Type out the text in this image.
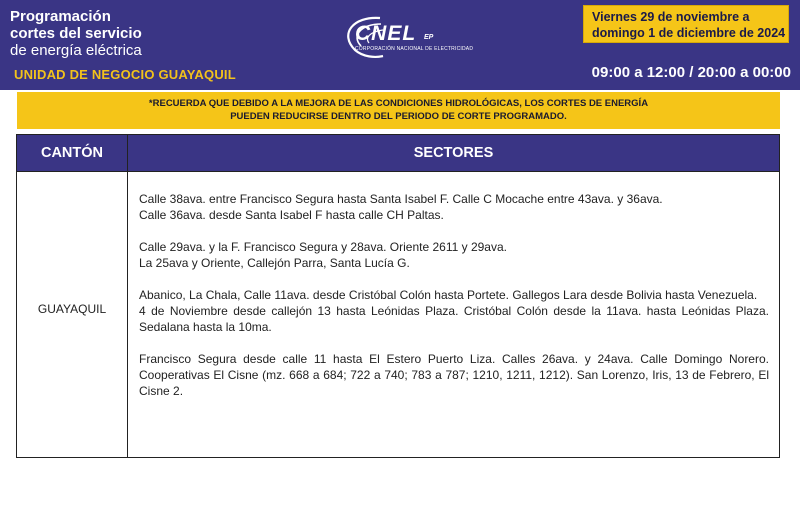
Programación
cortes del servicio
de energía eléctrica
UNIDAD DE NEGOCIO GUAYAQUIL
CNEL EP
CORPORACIÓN NACIONAL DE ELECTRICIDAD
Viernes 29 de noviembre a
domingo 1 de diciembre de 2024
09:00 a 12:00 / 20:00 a 00:00
*RECUERDA QUE DEBIDO A LA MEJORA DE LAS CONDICIONES HIDROLÓGICAS, LOS CORTES DE ENERGÍA
PUEDEN REDUCIRSE DENTRO DEL PERIODO DE CORTE PROGRAMADO.
CANTÓN	SECTORES
GUAYAQUIL

Calle 38ava. entre Francisco Segura hasta Santa Isabel F. Calle C Mocache entre 43ava. y 36ava.
Calle 36ava. desde Santa Isabel F hasta calle CH Paltas.

Calle 29ava. y la F. Francisco Segura y 28ava. Oriente 2611 y 29ava.
La 25ava y Oriente, Callejón Parra, Santa Lucía G.

Abanico, La Chala, Calle 11ava. desde Cristóbal Colón hasta Portete. Gallegos Lara desde Bolivia hasta Venezuela.
4 de Noviembre desde callejón 13 hasta Leónidas Plaza. Cristóbal Colón desde la 11ava. hasta Leónidas Plaza. Sedalana hasta la 10ma.

Francisco Segura desde calle 11 hasta El Estero Puerto Liza. Calles 26ava. y 24ava. Calle Domingo Norero. Cooperativas El Cisne (mz. 668 a 684; 722 a 740; 783 a 787; 1210, 1211, 1212). San Lorenzo, Iris, 13 de Febrero, El Cisne 2.
